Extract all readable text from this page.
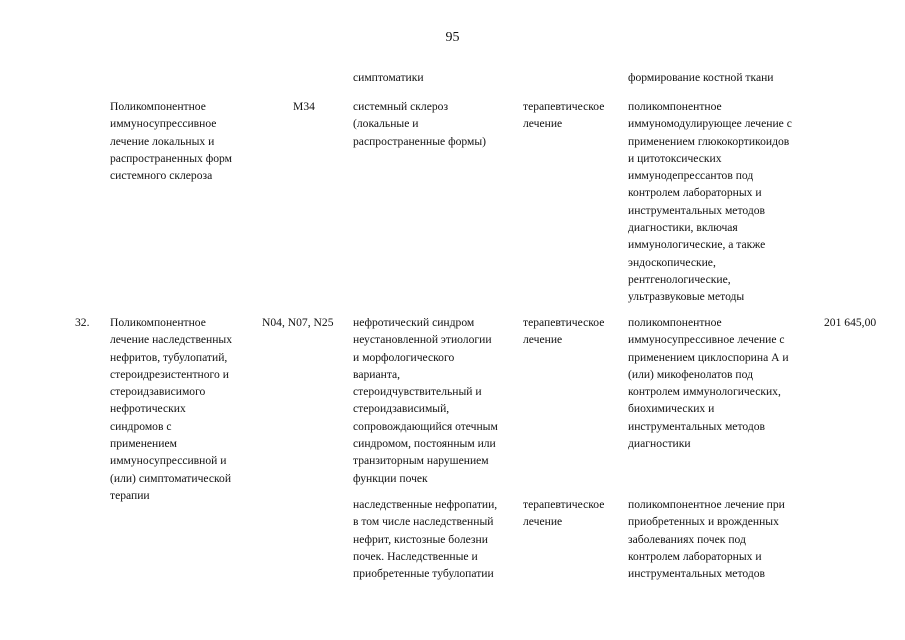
95
симптоматики	формирование костной ткани
Поликомпонентное
иммуносупрессивное
лечение локальных и
распространенных форм
системного склероза
M34	системный склероз
(локальные и
распространенные формы)
терапевтическое
лечение
поликомпонентное
иммуномодулирующее лечение с
применением глюкокортикоидов
и цитотоксических
иммунодепрессантов под
контролем лабораторных и
инструментальных методов
диагностики, включая
иммунологические, а также
эндоскопические,
рентгенологические,
ультразвуковые методы
32. Поликомпонентное
лечение наследственных
нефритов, тубулопатий,
стероидрезистентного и
стероидзависимого
нефротических
синдромов с
применением
иммуносупрессивной и
(или) симптоматической
терапии
N04, N07, N25 нефротический синдром
неустановленной этиологии
и морфологического
варианта,
стероидчувствительный и
стероидзависимый,
сопровождающийся отечным
синдромом, постоянным или
транзиторным нарушением
функции почек
терапевтическое
лечение
поликомпонентное
иммуносупрессивное лечение с
применением циклоспорина А и
(или) микофенолатов под
контролем иммунологических,
биохимических и
инструментальных методов
диагностики
201 645,00
наследственные нефропатии,
в том числе наследственный
нефрит, кистозные болезни
почек. Наследственные и
приобретенные тубулопатии
терапевтическое
лечение
поликомпонентное лечение при
приобретенных и врожденных
заболеваниях почек под
контролем лабораторных и
инструментальных методов
